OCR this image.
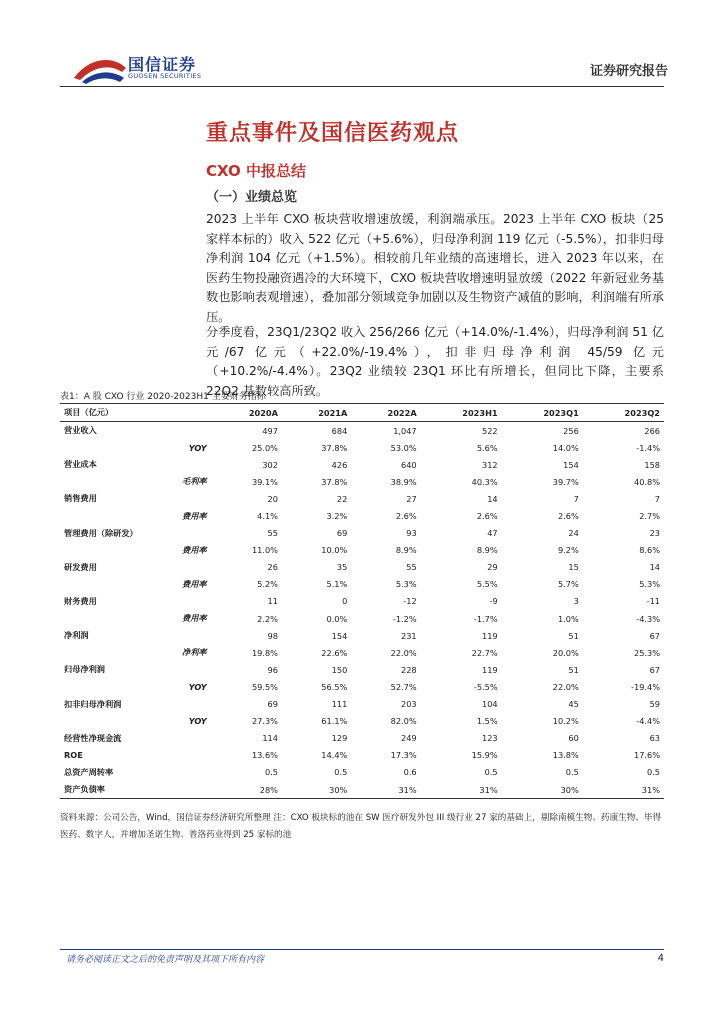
国信证券
GUOSEN SECURITIES	证券研究报告
重点事件及国信医药观点
CXO 中报总结
（一）业绩总览
2023 上半年 CXO 板块营收增速放缓，利润端承压。2023 上半年 CXO 板块（25 家样本标的）收入 522 亿元（+5.6%），归母净利润 119 亿元（-5.5%），扣非归母净利润 104 亿元（+1.5%）。相较前几年业绩的高速增长，进入 2023 年以来，在医药生物投融资遇冷的大环境下，CXO 板块营收增速明显放缓（2022 年新冠业务基数也影响表观增速），叠加部分领域竞争加剧以及生物资产减值的影响，利润端有所承压。
分季度看，23Q1/23Q2 收入 256/266 亿元（+14.0%/-1.4%），归母净利润 51 亿元/67 亿元（+22.0%/-19.4%），扣非归母净利润 45/59 亿元（+10.2%/-4.4%）。23Q2 业绩较 23Q1 环比有所增长，但同比下降，主要系 22Q2 基数较高所致。
表1：A 股 CXO 行业 2020-2023H1 主要财务指标
项目（亿元）	2020A	2021A	2022A	2023H1	2023Q1	2023Q2
营业收入	497	684	1,047	522	256	266
YOY	25.0%	37.8%	53.0%	5.6%	14.0%	-1.4%
营业成本	302	426	640	312	154	158
毛利率	39.1%	37.8%	38.9%	40.3%	39.7%	40.8%
销售费用	20	22	27	14	7	7
费用率	4.1%	3.2%	2.6%	2.6%	2.6%	2.7%
管理费用（除研发）	55	69	93	47	24	23
费用率	11.0%	10.0%	8.9%	8.9%	9.2%	8.6%
研发费用	26	35	55	29	15	14
费用率	5.2%	5.1%	5.3%	5.5%	5.7%	5.3%
财务费用	11	0	-12	-9	3	-11
费用率	2.2%	0.0%	-1.2%	-1.7%	1.0%	-4.3%
净利润	98	154	231	119	51	67
净利率	19.8%	22.6%	22.0%	22.7%	20.0%	25.3%
归母净利润	96	150	228	119	51	67
YOY	59.5%	56.5%	52.7%	-5.5%	22.0%	-19.4%
扣非归母净利润	69	111	203	104	45	59
YOY	27.3%	61.1%	82.0%	1.5%	10.2%	-4.4%
经营性净现金流	114	129	249	123	60	63
ROE	13.6%	14.4%	17.3%	15.9%	13.8%	17.6%
总资产周转率	0.5	0.5	0.6	0.5	0.5	0.5
资产负债率	28%	30%	31%	31%	30%	31%
资料来源：公司公告，Wind，国信证券经济研究所整理 注：CXO 板块标的池在 SW 医疗研发外包 III 级行业 27 家的基础上，剔除南模生物、药康生物、毕得医药、数字人，并增加圣诺生物、普洛药业得到 25 家标的池
请务必阅读正文之后的免责声明及其项下所有内容	4
